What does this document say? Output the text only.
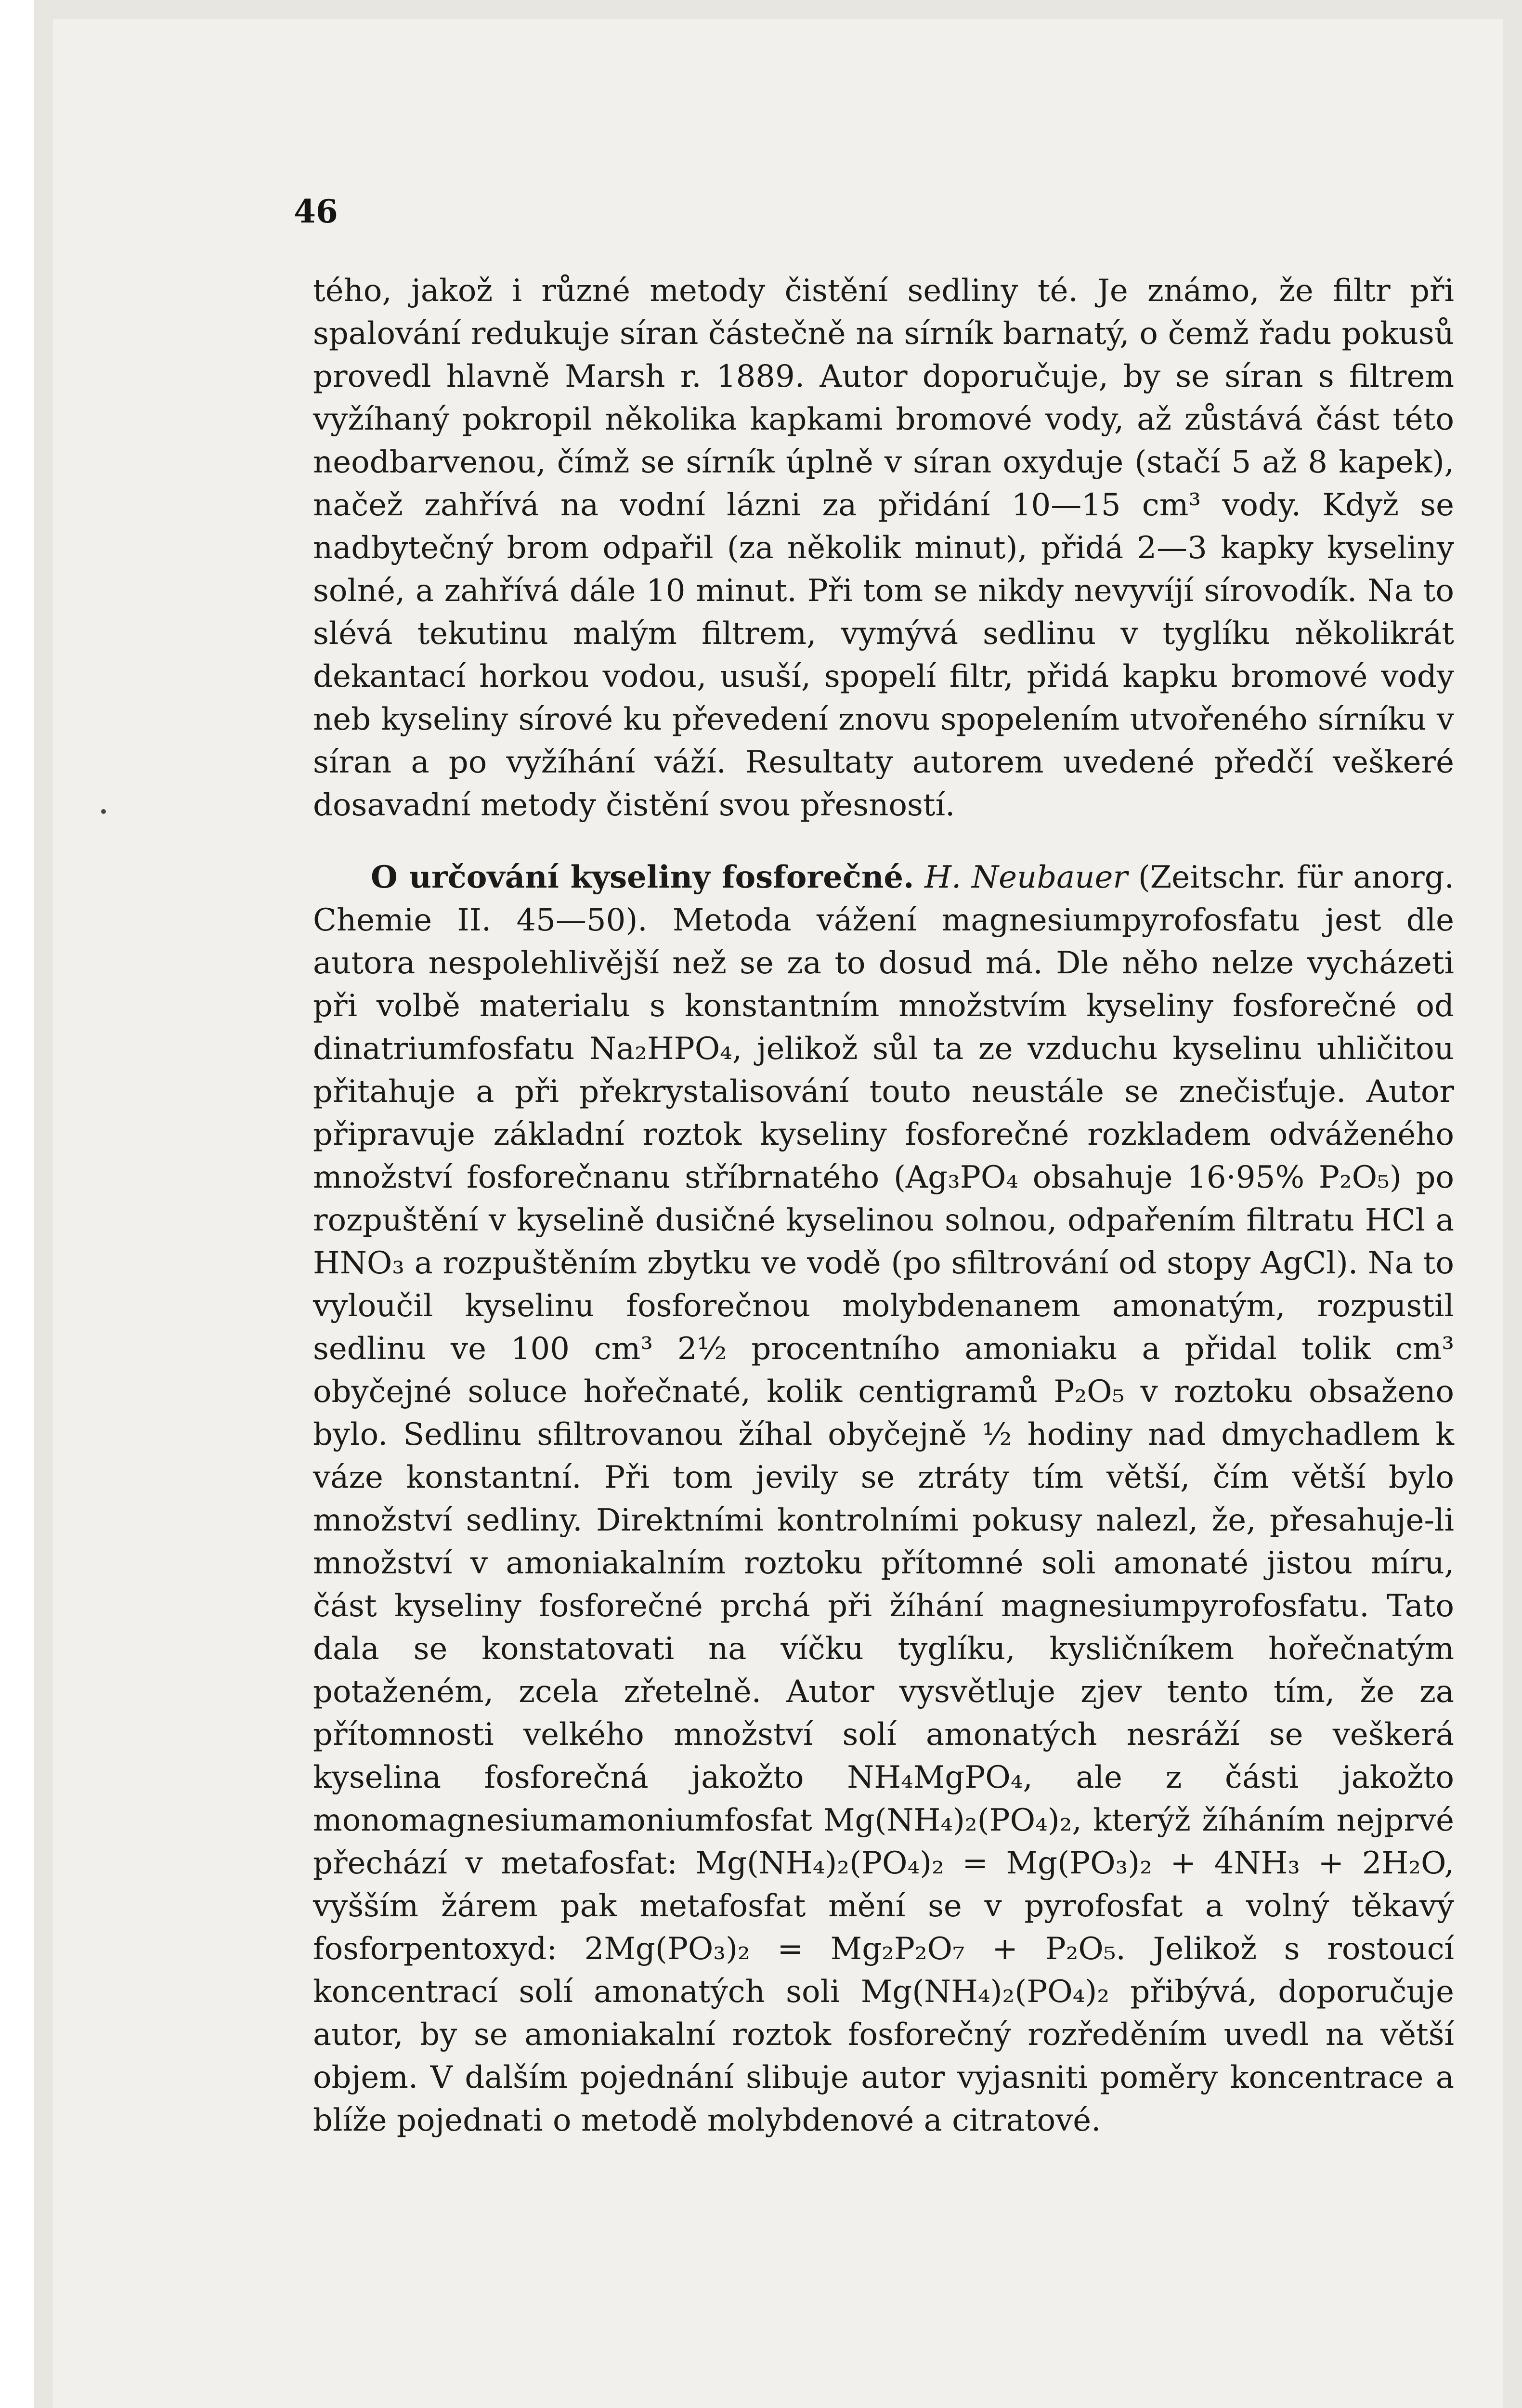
46

tého, jakož i různé metody čistění sedliny té. Je známo, že filtr při spalování redukuje síran částečně na sírník barnatý, o čemž řadu pokusů provedl hlavně Marsh r. 1889. Autor doporučuje, by se síran s filtrem vyžíhaný pokropil několika kapkami bromové vody, až zůstává část této neodbarvenou, čímž se sírník úplně v síran oxyduje (stačí 5 až 8 kapek), načež zahřívá na vodní lázni za přidání 10—15 cm³ vody. Když se nadbytečný brom odpařil (za několik minut), přidá 2—3 kapky kyseliny solné, a zahřívá dále 10 minut. Při tom se nikdy nevyvíjí sírovodík. Na to slévá tekutinu malým filtrem, vymývá sedlinu v tyglíku několikrát dekantací horkou vodou, usuší, spopelí filtr, přidá kapku bromové vody neb kyseliny sírové ku převedení znovu spopelením utvořeného sírníku v síran a po vyžíhání váží. Resultaty autorem uvedené předčí veškeré dosavadní metody čistění svou přesností.

O určování kyseliny fosforečné. H. Neubauer (Zeitschr. für anorg. Chemie II. 45—50). Metoda vážení magnesiumpyrofosfatu jest dle autora nespolehlivější než se za to dosud má. Dle něho nelze vycházeti při volbě materialu s konstantním množstvím kyseliny fosforečné od dinatriumfosfatu Na₂HPO₄, jelikož sůl ta ze vzduchu kyselinu uhličitou přitahuje a při překrystalisování touto neustále se znečisťuje. Autor připravuje základní roztok kyseliny fosforečné rozkladem odváženého množství fosforečnanu stříbrnatého (Ag₃PO₄ obsahuje 16·95% P₂O₅) po rozpuštění v kyselině dusičné kyselinou solnou, odpařením filtratu HCl a HNO₃ a rozpuštěním zbytku ve vodě (po sfiltrování od stopy AgCl). Na to vyloučil kyselinu fosforečnou molybdenanem amonatým, rozpustil sedlinu ve 100 cm³ 2½ procentního amoniaku a přidal tolik cm³ obyčejné soluce hořečnaté, kolik centigramů P₂O₅ v roztoku obsaženo bylo. Sedlinu sfiltrovanou žíhal obyčejně ½ hodiny nad dmychadlem k váze konstantní. Při tom jevily se ztráty tím větší, čím větší bylo množství sedliny. Direktními kontrolními pokusy nalezl, že, přesahuje-li množství v amoniakalním roztoku přítomné soli amonaté jistou míru, část kyseliny fosforečné prchá při žíhání magnesiumpyrofosfatu. Tato dala se konstatovati na víčku tyglíku, kysličníkem hořečnatým potaženém, zcela zřetelně. Autor vysvětluje zjev tento tím, že za přítomnosti velkého množství solí amonatých nesráží se veškerá kyselina fosforečná jakožto NH₄MgPO₄, ale z části jakožto monomagnesiumamoniumfosfat Mg(NH₄)₂(PO₄)₂, kterýž žíháním nejprvé přechází v metafosfat: Mg(NH₄)₂(PO₄)₂ = Mg(PO₃)₂ + 4NH₃ + 2H₂O, vyšším žárem pak metafosfat mění se v pyrofosfat a volný těkavý fosforpentoxyd: 2Mg(PO₃)₂ = Mg₂P₂O₇ + P₂O₅. Jelikož s rostoucí koncentrací solí amonatých soli Mg(NH₄)₂(PO₄)₂ přibývá, doporučuje autor, by se amoniakalní roztok fosforečný rozředěním uvedl na větší objem. V dalším pojednání slibuje autor vyjasniti poměry koncentrace a blíže pojednati o metodě molybdenové a citratové.
